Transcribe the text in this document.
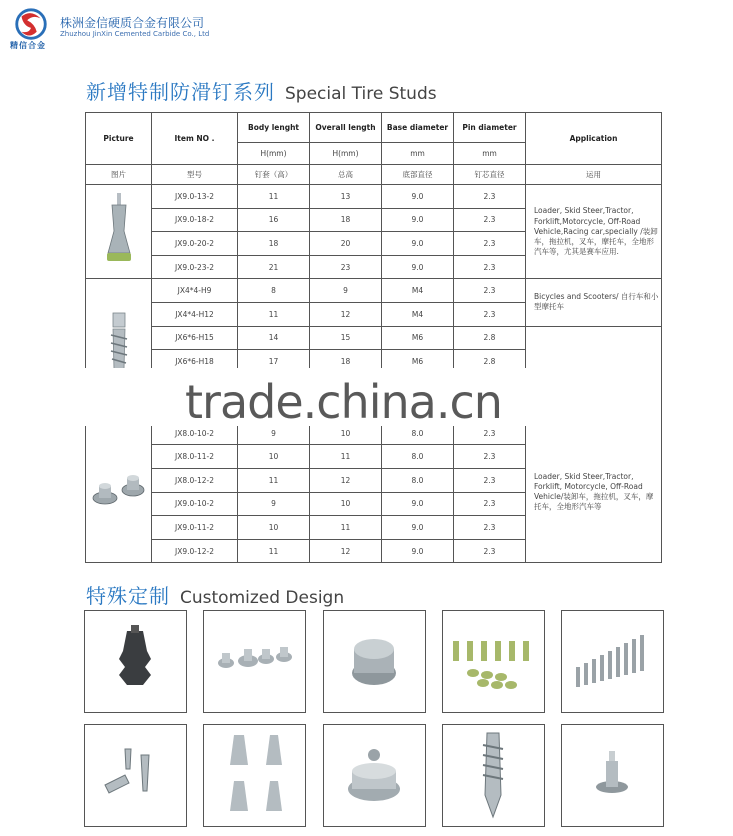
精信合金
株洲金信硬质合金有限公司
Zhuzhou JinXin Cemented Carbide Co., Ltd
新增特制防滑钉系列 Special Tire Studs
Picture	Item NO .	Body lenght	Overall length	Base diameter	Pin diameter	Application
		H(mm)	H(mm)	mm	mm	
图片	型号	钉套（高）	总高	底部直径	钉芯直径	运用
	JX9.0-13-2	11	13	9.0	2.3	Loader, Skid Steer,Tractor, Forklift,Motorcycle, Off-Road Vehicle,Racing car,specially /装卸车，拖拉机，叉车，摩托车，全地形汽车等，尤其是赛车应用.
	JX9.0-18-2	16	18	9.0	2.3	
	JX9.0-20-2	18	20	9.0	2.3	
	JX9.0-23-2	21	23	9.0	2.3	
	JX4*4-H9	8	9	M4	2.3	Bicycles and Scooters/ 自行车和小型摩托车
	JX4*4-H12	11	12	M4	2.3	
	JX6*6-H15	14	15	M6	2.8	
	JX6*6-H18	17	18	M6	2.8	

	JX8.0-10-2	9	10	8.0	2.3	Loader, Skid Steer,Tractor, Forklift, Motorcycle, Off-Road Vehicle/装卸车，拖拉机，叉车，摩托车，全地形汽车等
	JX8.0-11-2	10	11	8.0	2.3	
	JX8.0-12-2	11	12	8.0	2.3	
	JX9.0-10-2	9	10	9.0	2.3	
	JX9.0-11-2	10	11	9.0	2.3	
	JX9.0-12-2	11	12	9.0	2.3	
trade.china.cn
特殊定制 Customized Design
